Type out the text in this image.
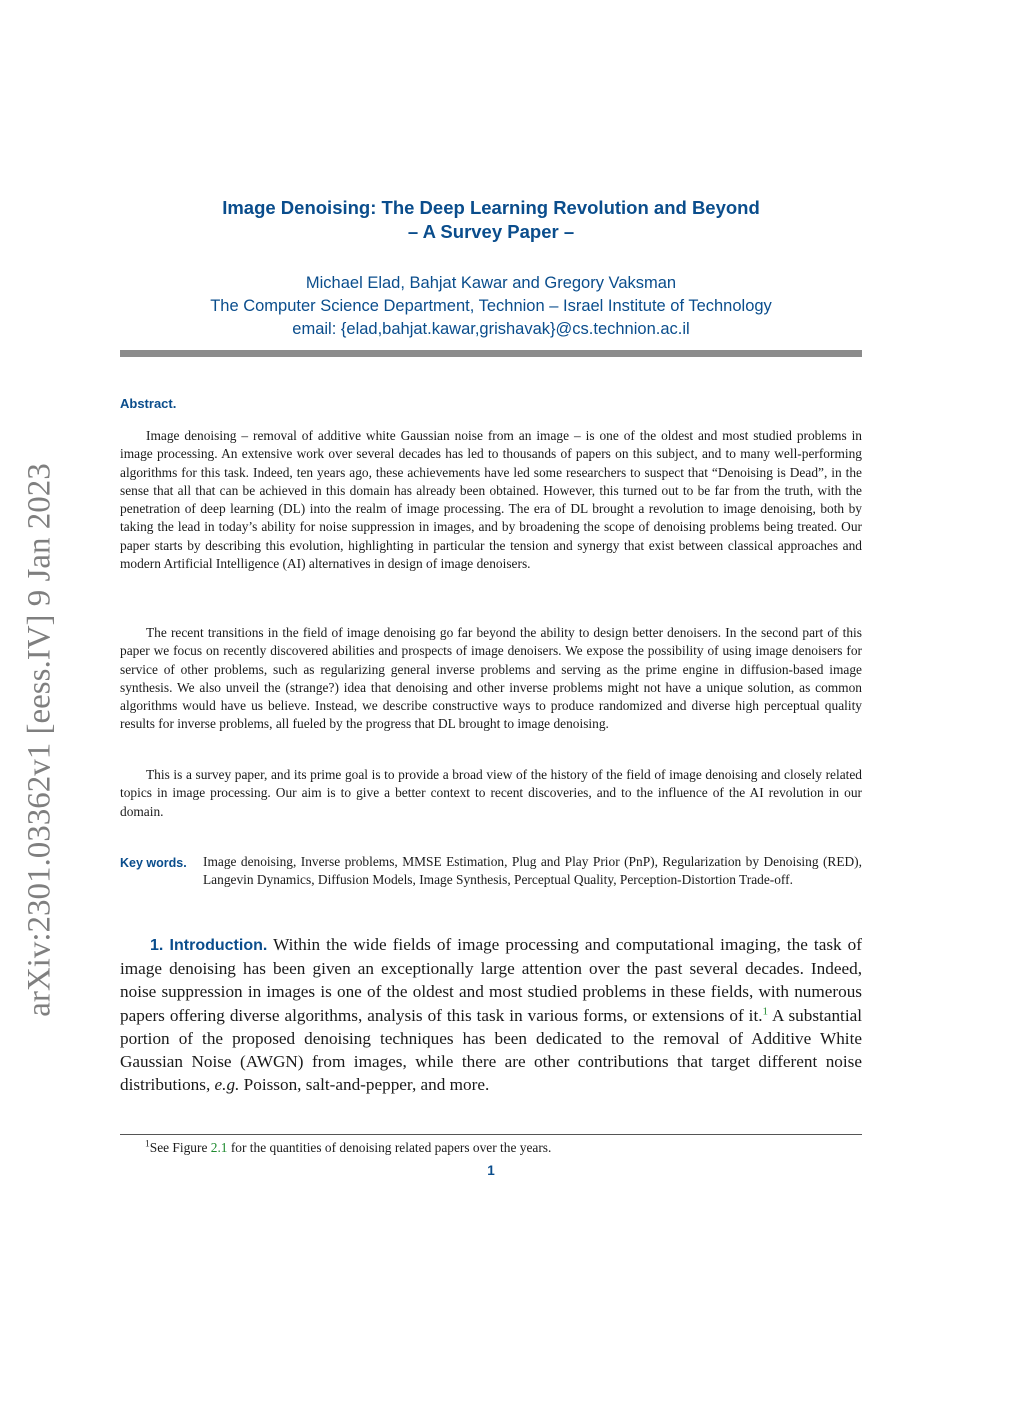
arXiv:2301.03362v1 [eess.IV] 9 Jan 2023
Image Denoising: The Deep Learning Revolution and Beyond
– A Survey Paper –
Michael Elad, Bahjat Kawar and Gregory Vaksman
The Computer Science Department, Technion – Israel Institute of Technology
email: {elad,bahjat.kawar,grishavak}@cs.technion.ac.il
Abstract.

Image denoising – removal of additive white Gaussian noise from an image – is one of the oldest and most studied problems in image processing. An extensive work over several decades has led to thousands of papers on this subject, and to many well-performing algorithms for this task. Indeed, ten years ago, these achievements have led some researchers to suspect that “Denoising is Dead”, in the sense that all that can be achieved in this domain has already been obtained. However, this turned out to be far from the truth, with the penetration of deep learning (DL) into the realm of image processing. The era of DL brought a revolution to image denoising, both by taking the lead in today’s ability for noise suppression in images, and by broadening the scope of denoising problems being treated. Our paper starts by describing this evolution, highlighting in particular the tension and synergy that exist between classical approaches and modern Artificial Intelligence (AI) alternatives in design of image denoisers.

The recent transitions in the field of image denoising go far beyond the ability to design better denoisers. In the second part of this paper we focus on recently discovered abilities and prospects of image denoisers. We expose the possibility of using image denoisers for service of other problems, such as regularizing general inverse problems and serving as the prime engine in diffusion-based image synthesis. We also unveil the (strange?) idea that denoising and other inverse problems might not have a unique solution, as common algorithms would have us believe. Instead, we describe constructive ways to produce randomized and diverse high perceptual quality results for inverse problems, all fueled by the progress that DL brought to image denoising.

This is a survey paper, and its prime goal is to provide a broad view of the history of the field of image denoising and closely related topics in image processing. Our aim is to give a better context to recent discoveries, and to the influence of the AI revolution in our domain.

Key words. Image denoising, Inverse problems, MMSE Estimation, Plug and Play Prior (PnP), Regularization by Denoising (RED), Langevin Dynamics, Diffusion Models, Image Synthesis, Perceptual Quality, Perception-Distortion Trade-off.

1. Introduction. Within the wide fields of image processing and computational imaging, the task of image denoising has been given an exceptionally large attention over the past several decades. Indeed, noise suppression in images is one of the oldest and most studied problems in these fields, with numerous papers offering diverse algorithms, analysis of this task in various forms, or extensions of it.$^1$ A substantial portion of the proposed denoising techniques has been dedicated to the removal of Additive White Gaussian Noise (AWGN) from images, while there are other contributions that target different noise distributions, e.g. Poisson, salt-and-pepper, and more.

$^1$See Figure 2.1 for the quantities of denoising related papers over the years.
1
